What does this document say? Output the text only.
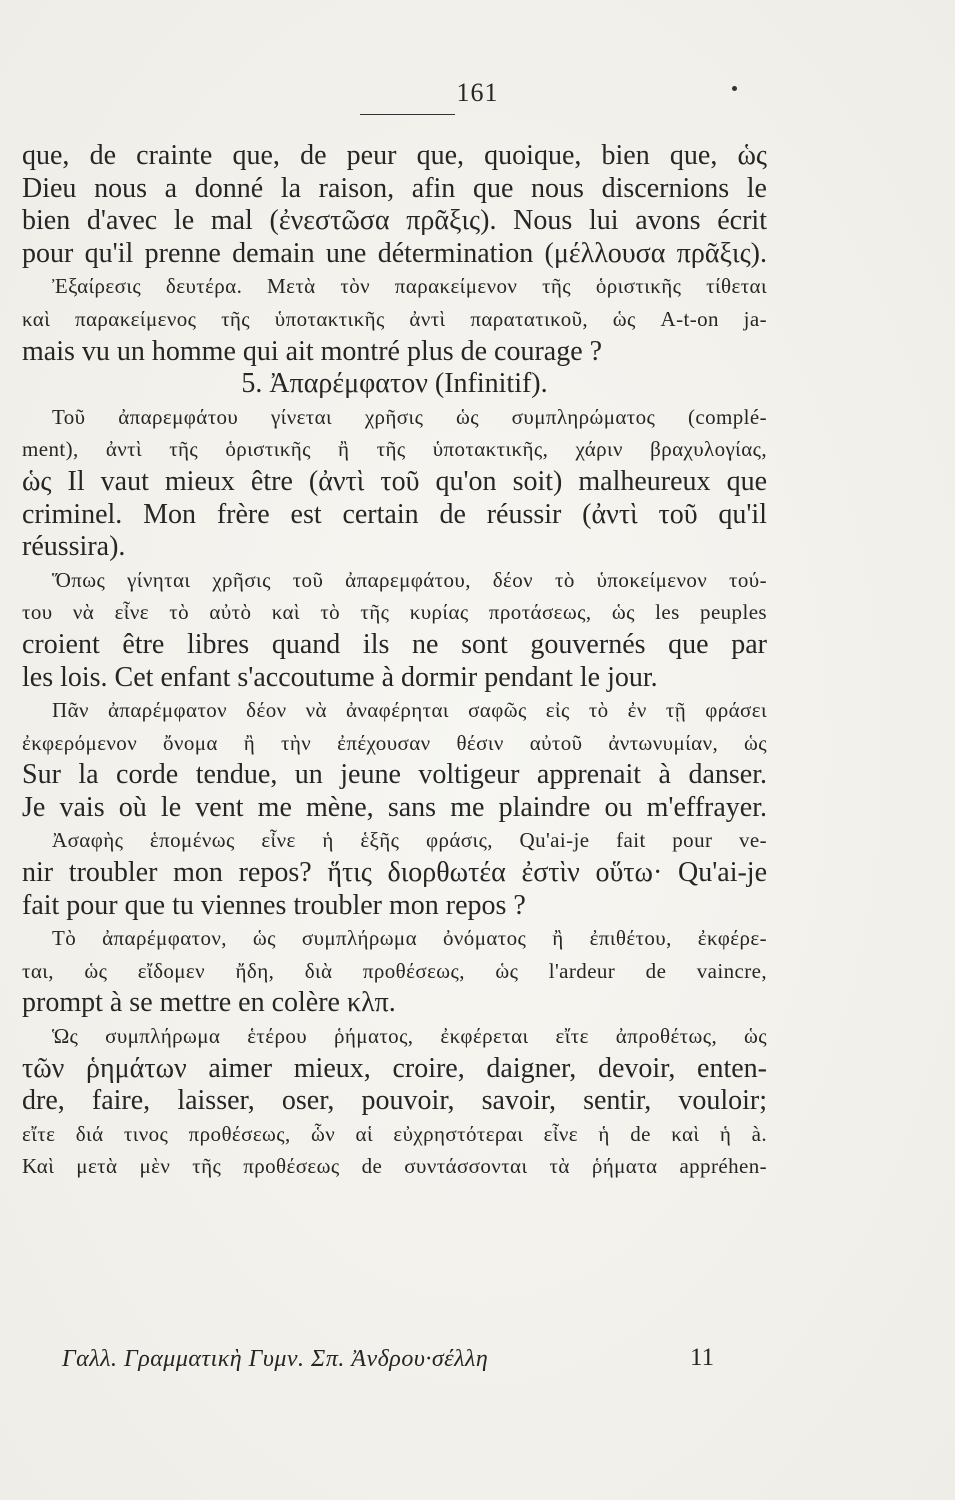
161
que, de crainte que, de peur que, quoique, bien que, ὡς
Dieu nous a donné la raison, afin que nous discernions le
bien d'avec le mal (ἐνεστῶσα πρᾶξις). Nous lui avons écrit
pour qu'il prenne demain une détermination (μέλλουσα πρᾶξις).
Ἐξαίρεσις δευτέρα. Μετὰ τὸν παρακείμενον τῆς ὁριστικῆς τίθεται
καὶ παρακείμενος τῆς ὑποτακτικῆς ἀντὶ παρατατικοῦ, ὡς A-t-on ja-
mais vu un homme qui ait montré plus de courage ?
5. Ἀπαρέμφατον (Infinitif).
Τοῦ ἀπαρεμφάτου γίνεται χρῆσις ὡς συμπληρώματος (complé-
ment), ἀντὶ τῆς ὁριστικῆς ἢ τῆς ὑποτακτικῆς, χάριν βραχυλογίας,
ὡς Il vaut mieux être (ἀντὶ τοῦ qu'on soit) malheureux que
criminel. Mon frère est certain de réussir (ἀντὶ τοῦ qu'il
réussira).
Ὅπως γίνηται χρῆσις τοῦ ἀπαρεμφάτου, δέον τὸ ὑποκείμενον τού-
του νὰ εἶνε τὸ αὐτὸ καὶ τὸ τῆς κυρίας προτάσεως, ὡς les peuples
croient être libres quand ils ne sont gouvernés que par
les lois. Cet enfant s'accoutume à dormir pendant le jour.
Πᾶν ἀπαρέμφατον δέον νὰ ἀναφέρηται σαφῶς εἰς τὸ ἐν τῇ φράσει
ἐκφερόμενον ὄνομα ἢ τὴν ἐπέχουσαν θέσιν αὐτοῦ ἀντωνυμίαν, ὡς
Sur la corde tendue, un jeune voltigeur apprenait à danser.
Je vais où le vent me mène, sans me plaindre ou m'effrayer.
Ἀσαφὴς ἑπομένως εἶνε ἡ ἑξῆς φράσις, Qu'ai-je fait pour ve-
nir troubler mon repos? ἥτις διορθωτέα ἐστὶν οὕτω· Qu'ai-je
fait pour que tu viennes troubler mon repos ?
Τὸ ἀπαρέμφατον, ὡς συμπλήρωμα ὀνόματος ἢ ἐπιθέτου, ἐκφέρε-
ται, ὡς εἴδομεν ἤδη, διὰ προθέσεως, ὡς l'ardeur de vaincre,
prompt à se mettre en colère κλπ.
Ὡς συμπλήρωμα ἑτέρου ῥήματος, ἐκφέρεται εἴτε ἀπροθέτως, ὡς
τῶν ῥημάτων aimer mieux, croire, daigner, devoir, enten-
dre, faire, laisser, oser, pouvoir, savoir, sentir, vouloir;
εἴτε διά τινος προθέσεως, ὧν αἱ εὐχρηστότεραι εἶνε ἡ de καὶ ἡ à.
Καὶ μετὰ μὲν τῆς προθέσεως de συντάσσονται τὰ ῥήματα appréhen-
Γαλλ. Γραμματικὴ Γυμν. Σπ. Ἀνδρου·σέλλη	11
